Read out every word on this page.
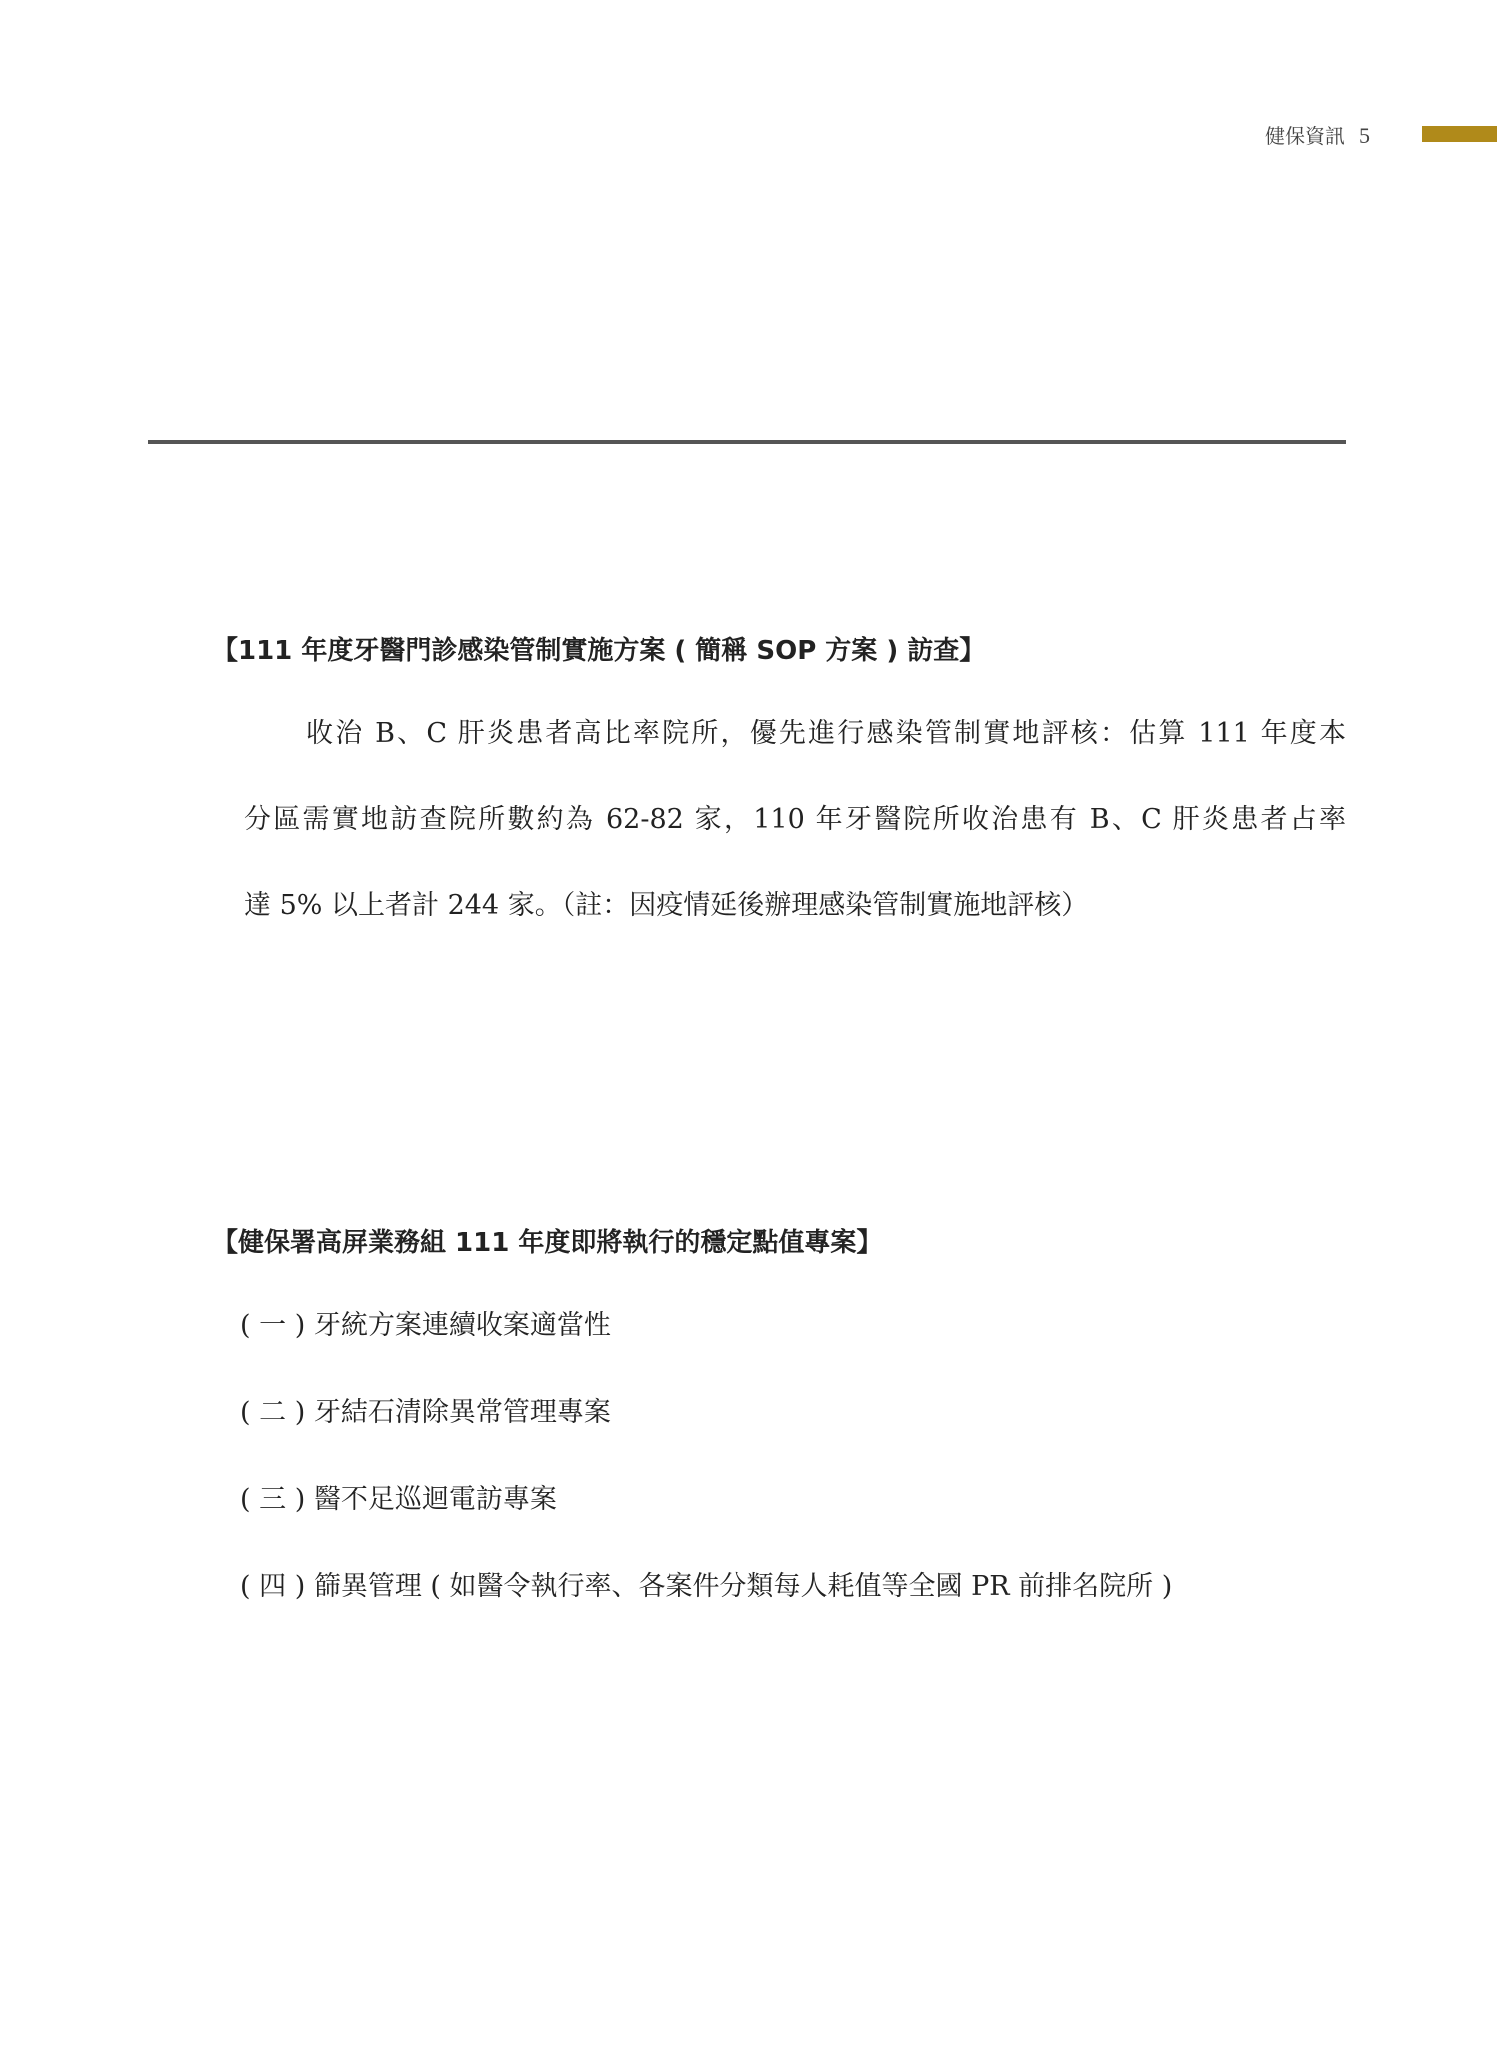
健保資訊 5
【111 年度牙醫門診感染管制實施方案 ( 簡稱 SOP 方案 ) 訪查】
收治 B、C 肝炎患者高比率院所，優先進行感染管制實地評核：估算 111 年度本
分區需實地訪查院所數約為 62-82 家，110 年牙醫院所收治患有 B、C 肝炎患者占率
達 5% 以上者計 244 家。（註：因疫情延後辦理感染管制實施地評核）
【健保署高屏業務組 111 年度即將執行的穩定點值專案】
( 一 ) 牙統方案連續收案適當性
( 二 ) 牙結石清除異常管理專案
( 三 ) 醫不足巡迴電訪專案
( 四 ) 篩異管理 ( 如醫令執行率、各案件分類每人耗值等全國 PR 前排名院所 )
